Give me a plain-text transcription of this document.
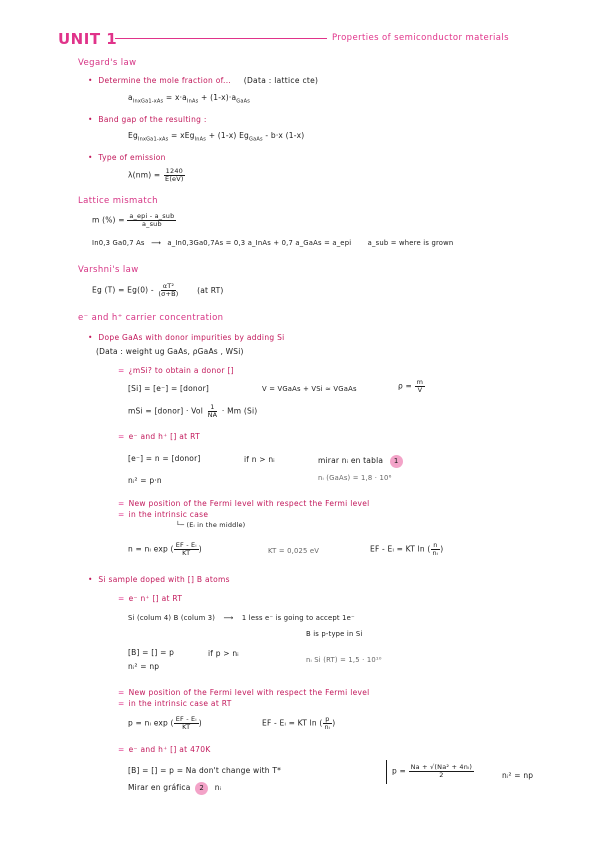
UNIT 1	Properties of semiconductor materials
Vegard's law
• Determine the mole fraction of... (Data : lattice cte)
$a_{InxGa1-xAs} = x\cdot a_{InAs} + (1-x)\cdot a_{GaAs}$
• Band gap of the resulting :
$Eg_{InxGa1-xAs} = xEg_{InAs} + (1-x)$ $Eg_{GaAs} - b\cdot x$ (1-x)
• Type of emission
$\lambda(nm) = \frac{1240}{E(eV)}$
Lattice mismatch
m (%) = $\frac{\text{a\_epi - a\_sub}}{\text{a\_sub}}$
In0,3 Ga0,7 As ⟶ a_In0,3Ga0,7As = 0,3 a_InAs + 0,7 a_GaAs = a_epi a_sub = where is grown
Varshni's law
Eg $(T) = Eg(0) - \frac{\text{αT²}}{(\sigma+B)} (at$ RT)
e⁻ and h⁺ carrier concentration
• Dope GaAs with donor impurities by adding Si
(Data : weight ug GaAs, ρGaAs , WSi)
= ¿mSi? to obtain a donor []
[Si] = [e⁻] = [donor]	V = VGaAs + VSi ≈ VGaAs	$\rho = \frac{m}{V}$
mSi = [donor] · Vol $\frac{1}{NA} \cdot Mm$ (Si)
= e⁻ and h⁺ [] at RT
[e⁻] = n = [donor]	if n > nᵢ	mirar nᵢ en tabla 1
nᵢ² = p·n	nᵢ (GaAs) = 1,8 · 10⁶
= New position of the Fermi level with respect the Fermi level
= in the intrinsic case
└─ (Eᵢ in the middle)
n = nᵢ exp ( $\frac{\text{EF - Eᵢ}}{KT}$ )	KT = 0,025 eV	EF - Eᵢ = KT ln ( $\frac{n}{\text{nᵢ}}$ )
• Si sample doped with [] B atoms
= e⁻ n⁺ [] at RT
Si (colum 4) B (colum 3) ⟶ 1 less e⁻ is going to accept 1e⁻
B is p-type in Si
[B] = [] = p	if p > nᵢ
nᵢ² = np
nᵢ Si (RT) = 1,5 · 10¹⁰
= New position of the Fermi level with respect the Fermi level
= in the intrinsic case at RT
p = nᵢ exp ( $\frac{\text{EF - Eᵢ}}{KT}$ )	EF - Eᵢ = KT ln ( $\frac{p}{\text{nᵢ}}$ )
= e⁻ and h⁺ [] at 470K
[B] = [] = p = Na don't change with T*	$p = \frac{\text{Na + √(Na² + 4nᵢ)}}{2}$	nᵢ² = np
Mirar en gráfica 2 nᵢ
